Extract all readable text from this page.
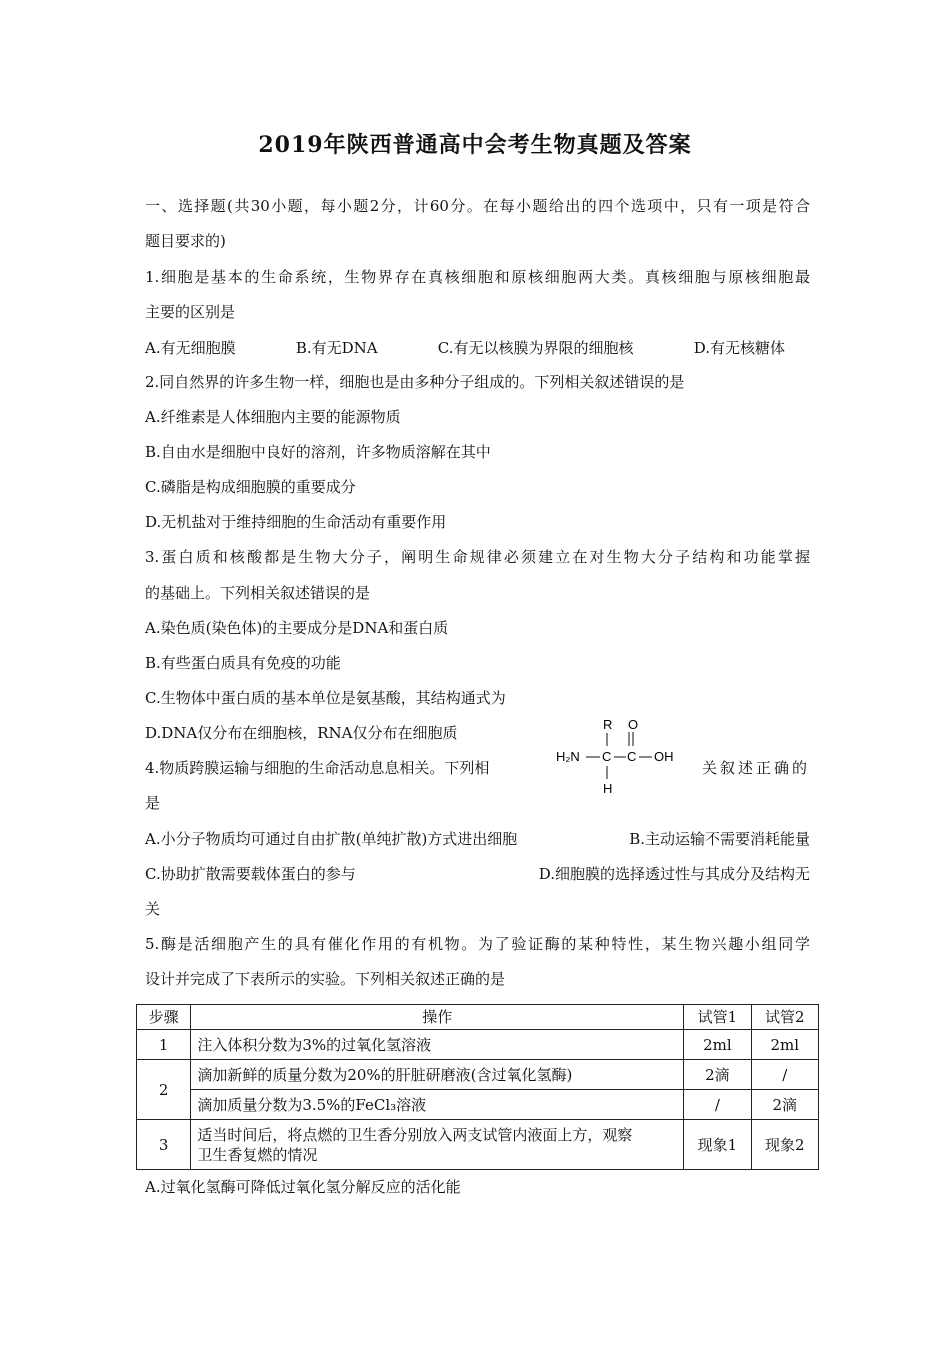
2019年陕西普通高中会考生物真题及答案
一、选择题(共30小题，每小题2分，计60分。在每小题给出的四个选项中，只有一项是符合
题目要求的)
1.细胞是基本的生命系统，生物界存在真核细胞和原核细胞两大类。真核细胞与原核细胞最
主要的区别是
A.有无细胞膜	B.有无DNA	C.有无以核膜为界限的细胞核	D.有无核糖体
2.同自然界的许多生物一样，细胞也是由多种分子组成的。下列相关叙述错误的是
A.纤维素是人体细胞内主要的能源物质
B.自由水是细胞中良好的溶剂，许多物质溶解在其中
C.磷脂是构成细胞膜的重要成分
D.无机盐对于维持细胞的生命活动有重要作用
3.蛋白质和核酸都是生物大分子，阐明生命规律必须建立在对生物大分子结构和功能掌握
的基础上。下列相关叙述错误的是
A.染色质(染色体)的主要成分是DNA和蛋白质
B.有些蛋白质具有免疫的功能
C.生物体中蛋白质的基本单位是氨基酸，其结构通式为
D.DNA仅分布在细胞核，RNA仅分布在细胞质	R O
H₂N C C OH
H
4.物质跨膜运输与细胞的生命活动息息相关。下列相	关叙述正确的
是
A.小分子物质均可通过自由扩散(单纯扩散)方式进出细胞	B.主动运输不需要消耗能量
C.协助扩散需要载体蛋白的参与	D.细胞膜的选择透过性与其成分及结构无
关
5.酶是活细胞产生的具有催化作用的有机物。为了验证酶的某种特性，某生物兴趣小组同学
设计并完成了下表所示的实验。下列相关叙述正确的是
步骤	操作	试管1	试管2
1	注入体积分数为3%的过氧化氢溶液	2ml	2ml
2	滴加新鲜的质量分数为20%的肝脏研磨液(含过氧化氢酶)	2滴	/
	滴加质量分数为3.5%的FeCl₃溶液	/	2滴
3	适当时间后，将点燃的卫生香分别放入两支试管内液面上方，观察
卫生香复燃的情况	现象1	现象2
A.过氧化氢酶可降低过氧化氢分解反应的活化能
